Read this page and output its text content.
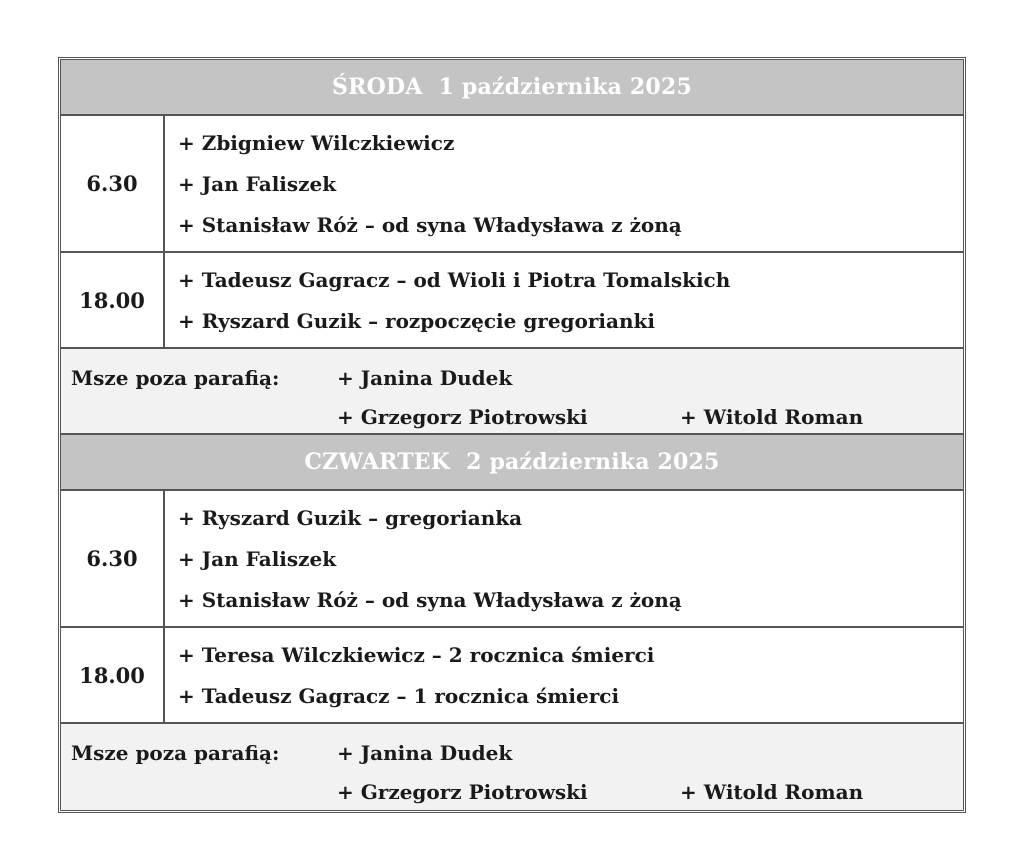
ŚRODA 1 października 2025
6.30
+ Zbigniew Wilczkiewicz
+ Jan Faliszek
+ Stanisław Róż – od syna Władysława z żoną
18.00
+ Tadeusz Gagracz – od Wioli i Piotra Tomalskich
+ Ryszard Guzik – rozpoczęcie gregorianki
Msze poza parafią:	+ Janina Dudek
+ Grzegorz Piotrowski	+ Witold Roman
CZWARTEK 2 października 2025
6.30
+ Ryszard Guzik – gregorianka
+ Jan Faliszek
+ Stanisław Róż – od syna Władysława z żoną
18.00
+ Teresa Wilczkiewicz – 2 rocznica śmierci
+ Tadeusz Gagracz – 1 rocznica śmierci
Msze poza parafią:	+ Janina Dudek
+ Grzegorz Piotrowski	+ Witold Roman
